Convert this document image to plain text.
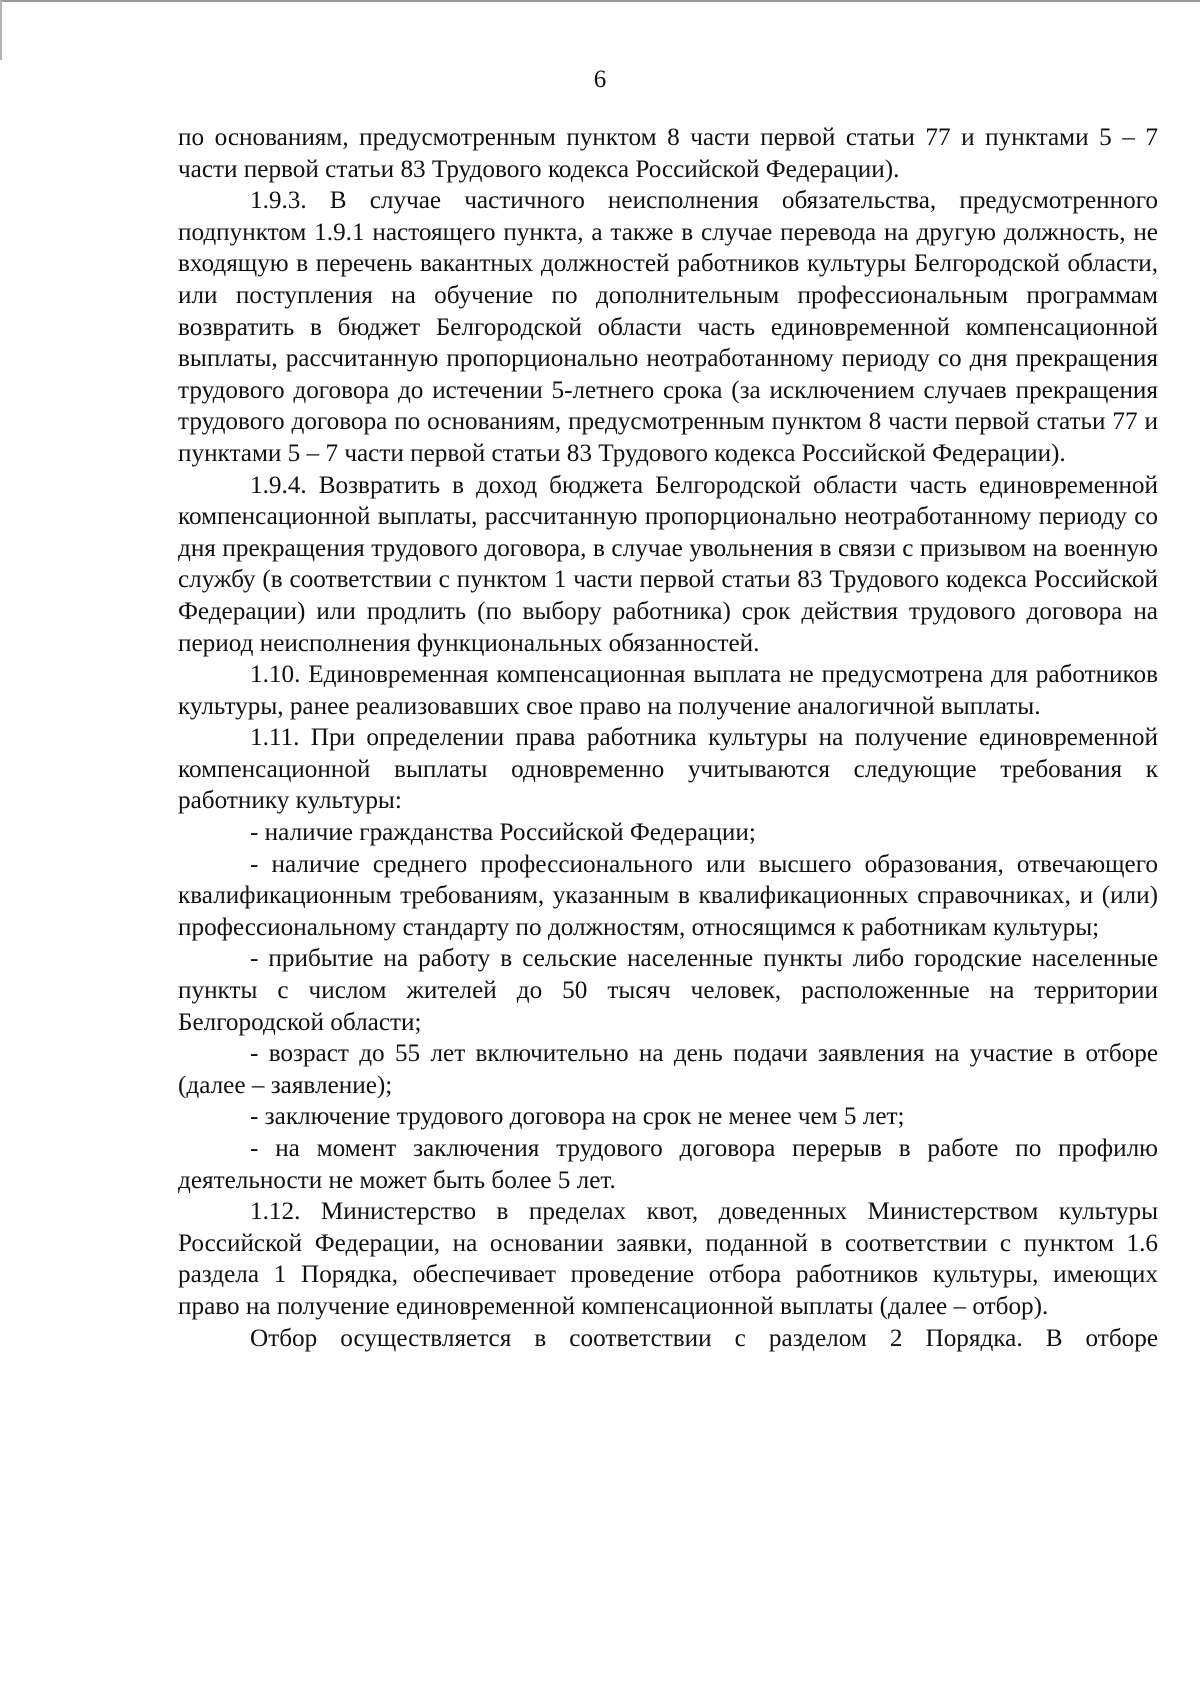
6

по основаниям, предусмотренным пунктом 8 части первой статьи 77 и пунктами 5 – 7 части первой статьи 83 Трудового кодекса Российской Федерации).

1.9.3. В случае частичного неисполнения обязательства, предусмотренного подпунктом 1.9.1 настоящего пункта, а также в случае перевода на другую должность, не входящую в перечень вакантных должностей работников культуры Белгородской области, или поступления на обучение по дополнительным профессиональным программам возвратить в бюджет Белгородской области часть единовременной компенсационной выплаты, рассчитанную пропорционально неотработанному периоду со дня прекращения трудового договора до истечении 5-летнего срока (за исключением случаев прекращения трудового договора по основаниям, предусмотренным пунктом 8 части первой статьи 77 и пунктами 5 – 7 части первой статьи 83 Трудового кодекса Российской Федерации).

1.9.4. Возвратить в доход бюджета Белгородской области часть единовременной компенсационной выплаты, рассчитанную пропорционально неотработанному периоду со дня прекращения трудового договора, в случае увольнения в связи с призывом на военную службу (в соответствии с пунктом 1 части первой статьи 83 Трудового кодекса Российской Федерации) или продлить (по выбору работника) срок действия трудового договора на период неисполнения функциональных обязанностей.

1.10. Единовременная компенсационная выплата не предусмотрена для работников культуры, ранее реализовавших свое право на получение аналогичной выплаты.

1.11. При определении права работника культуры на получение единовременной компенсационной выплаты одновременно учитываются следующие требования к работнику культуры:

- наличие гражданства Российской Федерации;

- наличие среднего профессионального или высшего образования, отвечающего квалификационным требованиям, указанным в квалификационных справочниках, и (или) профессиональному стандарту по должностям, относящимся к работникам культуры;

- прибытие на работу в сельские населенные пункты либо городские населенные пункты с числом жителей до 50 тысяч человек, расположенные на территории Белгородской области;

- возраст до 55 лет включительно на день подачи заявления на участие в отборе (далее – заявление);

- заключение трудового договора на срок не менее чем 5 лет;

- на момент заключения трудового договора перерыв в работе по профилю деятельности не может быть более 5 лет.

1.12. Министерство в пределах квот, доведенных Министерством культуры Российской Федерации, на основании заявки, поданной в соответствии с пунктом 1.6 раздела 1 Порядка, обеспечивает проведение отбора работников культуры, имеющих право на получение единовременной компенсационной выплаты (далее – отбор).

Отбор осуществляется в соответствии с разделом 2 Порядка. В отборе
